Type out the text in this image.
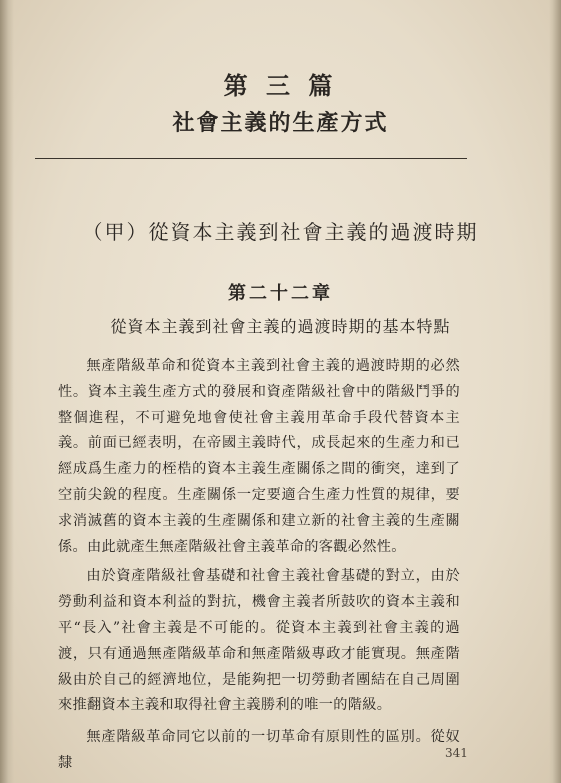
第 三 篇
社會主義的生產方式
（甲）從資本主義到社會主義的過渡時期
第二十二章
從資本主義到社會主義的過渡時期的基本特點

無產階級革命和從資本主義到社會主義的過渡時期的必然性。資本主義生產方式的發展和資產階級社會中的階級鬥爭的整個進程，不可避免地會使社會主義用革命手段代替資本主義。前面已經表明，在帝國主義時代，成長起來的生產力和已經成爲生產力的桎梏的資本主義生產關係之間的衝突，達到了空前尖銳的程度。生產關係一定要適合生產力性質的規律，要求消滅舊的資本主義的生產關係和建立新的社會主義的生產關係。由此就產生無產階級社會主義革命的客觀必然性。

由於資產階級社會基礎和社會主義社會基礎的對立，由於勞動利益和資本利益的對抗，機會主義者所鼓吹的資本主義和平“長入”社會主義是不可能的。從資本主義到社會主義的過渡，只有通過無產階級革命和無產階級專政才能實現。無產階級由於自己的經濟地位，是能夠把一切勞動者團結在自己周圍來推翻資本主義和取得社會主義勝利的唯一的階級。

無產階級革命同它以前的一切革命有原則性的區別。從奴隸

341
